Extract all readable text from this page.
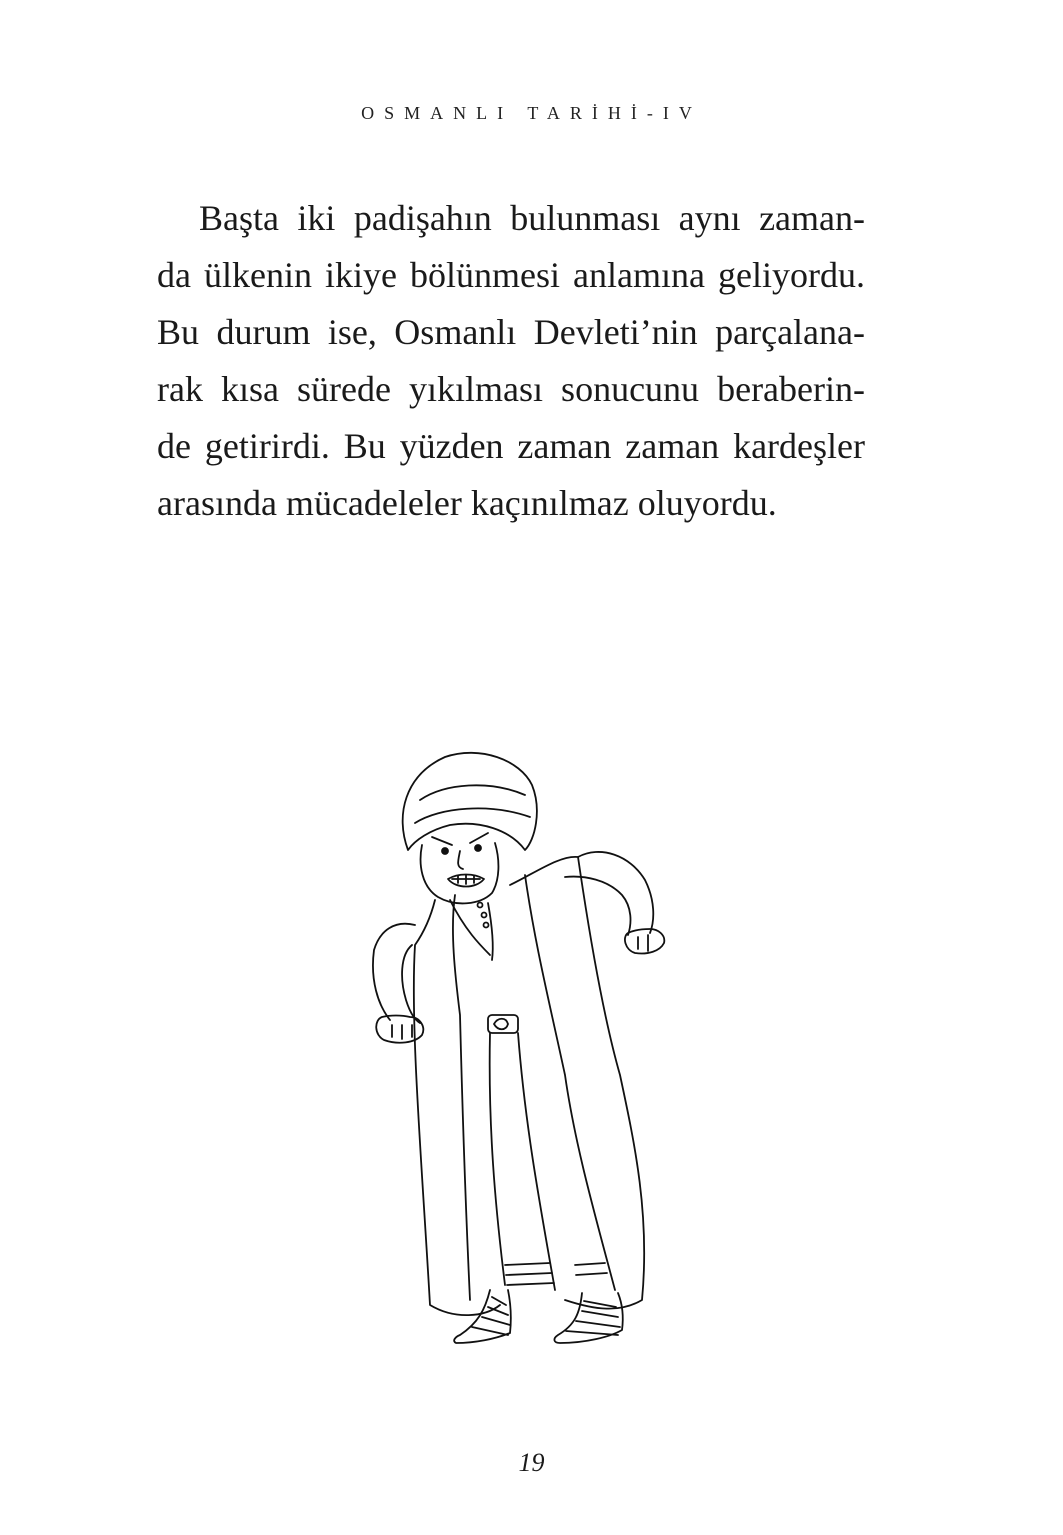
OSMANLI TARİHİ-IV
Başta iki padişahın bulunması aynı zaman-
da ülkenin ikiye bölünmesi anlamına geliyordu.
Bu durum ise, Osmanlı Devleti’nin parçalana-
rak kısa sürede yıkılması sonucunu beraberin-
de getirirdi. Bu yüzden zaman zaman kardeşler
arasında mücadeleler kaçınılmaz oluyordu.
19
